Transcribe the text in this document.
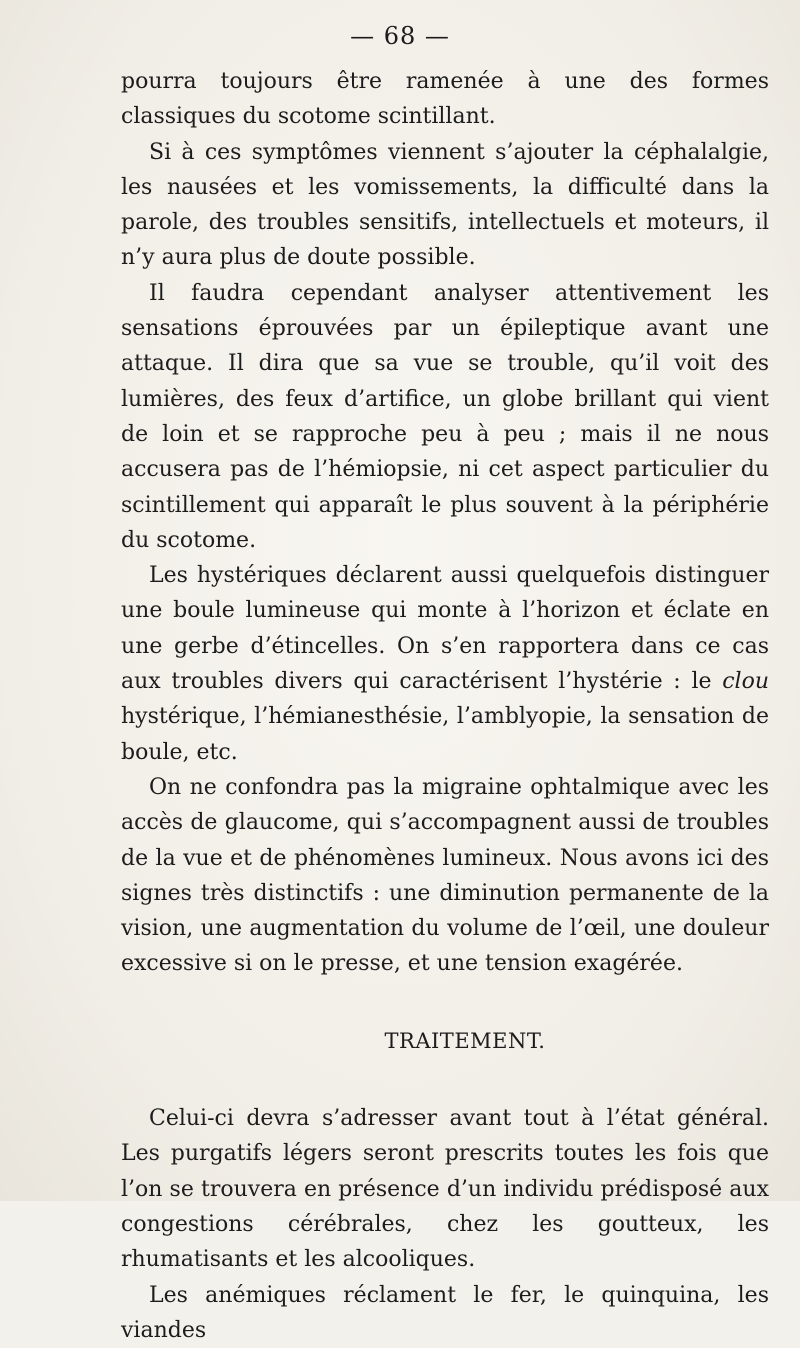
— 68 —

pourra toujours être ramenée à une des formes classiques du scotome scintillant.

Si à ces symptômes viennent s’ajouter la céphalalgie, les nausées et les vomissements, la difficulté dans la parole, des troubles sensitifs, intellectuels et moteurs, il n’y aura plus de doute possible.

Il faudra cependant analyser attentivement les sensations éprouvées par un épileptique avant une attaque. Il dira que sa vue se trouble, qu’il voit des lumières, des feux d’artifice, un globe brillant qui vient de loin et se rapproche peu à peu ; mais il ne nous accusera pas de l’hémiopsie, ni cet aspect particulier du scintillement qui apparaît le plus souvent à la périphérie du scotome.

Les hystériques déclarent aussi quelquefois distinguer une boule lumineuse qui monte à l’horizon et éclate en une gerbe d’étincelles. On s’en rapportera dans ce cas aux troubles divers qui caractérisent l’hystérie : le clou hystérique, l’hémianesthésie, l’amblyopie, la sensation de boule, etc.

On ne confondra pas la migraine ophtalmique avec les accès de glaucome, qui s’accompagnent aussi de troubles de la vue et de phénomènes lumineux. Nous avons ici des signes très distinctifs : une diminution permanente de la vision, une augmentation du volume de l’œil, une douleur excessive si on le presse, et une tension exagérée.

TRAITEMENT.

Celui-ci devra s’adresser avant tout à l’état général. Les purgatifs légers seront prescrits toutes les fois que l’on se trouvera en présence d’un individu prédisposé aux congestions cérébrales, chez les goutteux, les rhumatisants et les alcooliques.

Les anémiques réclament le fer, le quinquina, les viandes
